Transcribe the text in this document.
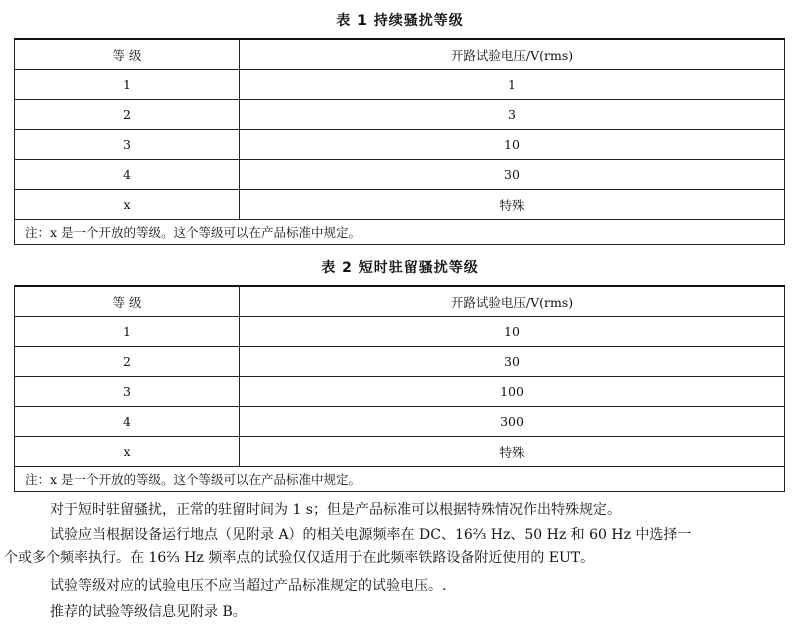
表 1 持续骚扰等级
等 级	开路试验电压/V(rms)
1	1
2	3
3	10
4	30
x	特殊
注：x 是一个开放的等级。这个等级可以在产品标准中规定。	
表 2 短时驻留骚扰等级
等 级	开路试验电压/V(rms)
1	10
2	30
3	100
4	300
x	特殊
注：x 是一个开放的等级。这个等级可以在产品标准中规定。	
对于短时驻留骚扰，正常的驻留时间为 1 s；但是产品标准可以根据特殊情况作出特殊规定。
试验应当根据设备运行地点（见附录 A）的相关电源频率在 DC、16⅔ Hz、50 Hz 和 60 Hz 中选择一
个或多个频率执行。在 16⅔ Hz 频率点的试验仅仅适用于在此频率铁路设备附近使用的 EUT。
试验等级对应的试验电压不应当超过产品标准规定的试验电压。.
推荐的试验等级信息见附录 B。
